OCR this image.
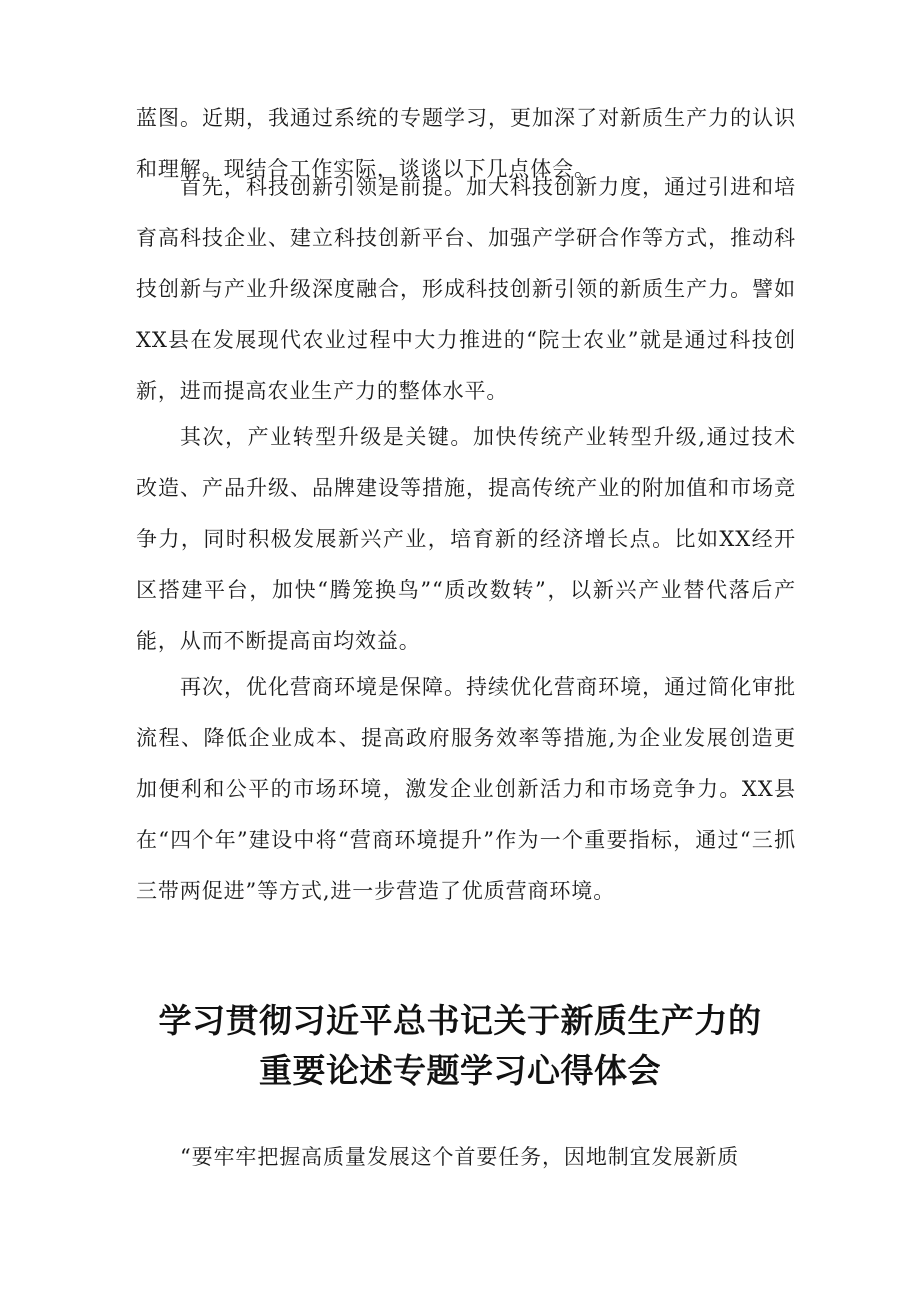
蓝图。近期，我通过系统的专题学习，更加深了对新质生产力的认识和理解。现结合工作实际，谈谈以下几点体会。

首先，科技创新引领是前提。加大科技创新力度，通过引进和培育高科技企业、建立科技创新平台、加强产学研合作等方式，推动科技创新与产业升级深度融合，形成科技创新引领的新质生产力。譬如XX县在发展现代农业过程中大力推进的“院士农业”就是通过科技创新，进而提高农业生产力的整体水平。

其次，产业转型升级是关键。加快传统产业转型升级,通过技术改造、产品升级、品牌建设等措施，提高传统产业的附加值和市场竞争力，同时积极发展新兴产业，培育新的经济增长点。比如XX经开区搭建平台，加快“腾笼换鸟”“质改数转”，以新兴产业替代落后产能，从而不断提高亩均效益。

再次，优化营商环境是保障。持续优化营商环境，通过简化审批流程、降低企业成本、提高政府服务效率等措施,为企业发展创造更加便利和公平的市场环境，激发企业创新活力和市场竞争力。XX县在“四个年”建设中将“营商环境提升”作为一个重要指标，通过“三抓三带两促进”等方式,进一步营造了优质营商环境。

学习贯彻习近平总书记关于新质生产力的
重要论述专题学习心得体会

“要牢牢把握高质量发展这个首要任务，因地制宜发展新质
